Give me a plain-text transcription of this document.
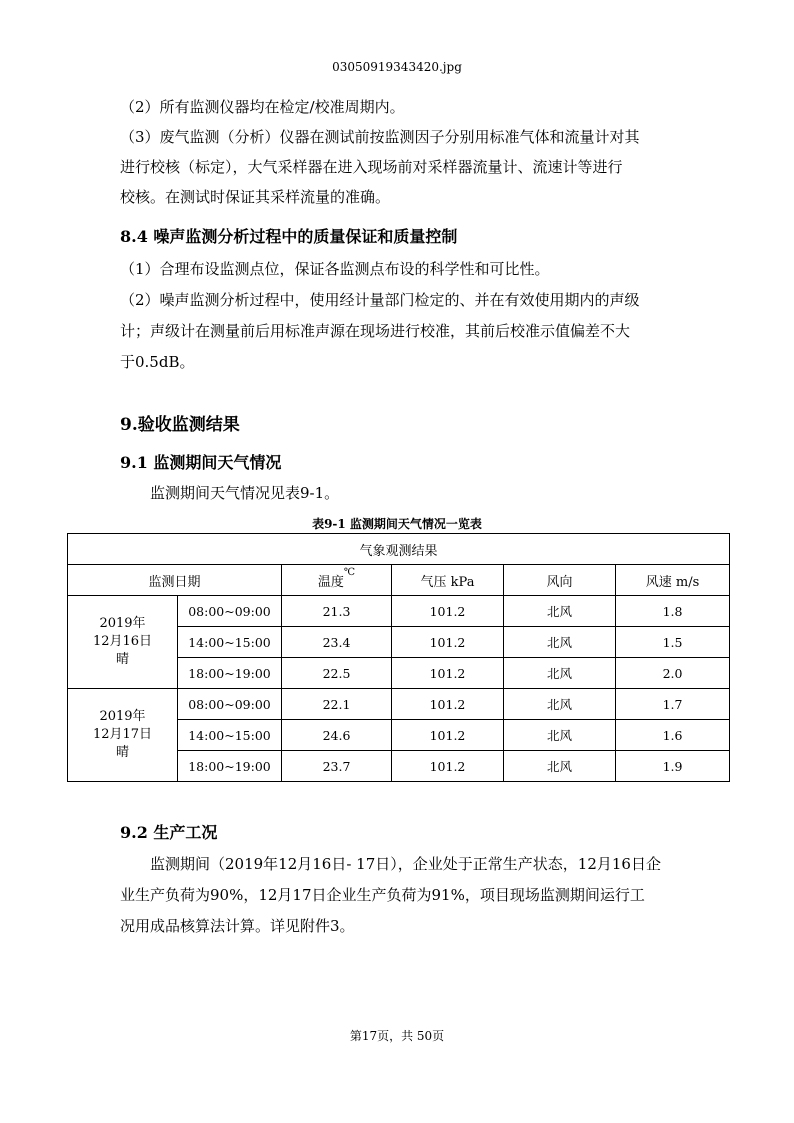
03050919343420.jpg
（2）所有监测仪器均在检定/校准周期内。
（3）废气监测（分析）仪器在测试前按监测因子分别用标准气体和流量计对其
进行校核（标定），大气采样器在进入现场前对采样器流量计、流速计等进行
校核。在测试时保证其采样流量的准确。
8.4 噪声监测分析过程中的质量保证和质量控制
（1）合理布设监测点位，保证各监测点布设的科学性和可比性。
（2）噪声监测分析过程中，使用经计量部门检定的、并在有效使用期内的声级
计；声级计在测量前后用标准声源在现场进行校准，其前后校准示值偏差不大
于0.5dB。
9.验收监测结果
9.1 监测期间天气情况
监测期间天气情况见表9-1。
表9-1 监测期间天气情况一览表
气象观测结果					
监测日期		温度℃	气压 kPa	风向	风速 m/s

2019年
12月16日
晴	08:00~09:00	21.3	101.2	北风	1.8
	14:00~15:00	23.4	101.2	北风	1.5
	18:00~19:00	22.5	101.2	北风	2.0

2019年
12月17日
晴	08:00~09:00	22.1	101.2	北风	1.7
	14:00~15:00	24.6	101.2	北风	1.6
	18:00~19:00	23.7	101.2	北风	1.9
9.2 生产工况
监测期间（2019年12月16日- 17日），企业处于正常生产状态，12月16日企
业生产负荷为90%，12月17日企业生产负荷为91%，项目现场监测期间运行工
况用成品核算法计算。详见附件3。
第17页，共 50页
